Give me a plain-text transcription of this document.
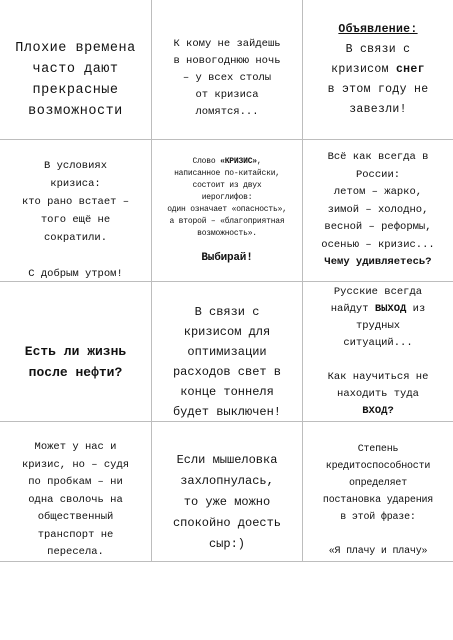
Плохие времена
часто дают
прекрасные
возможности

К кому не зайдешь
в новогоднюю ночь
– у всех столы
от кризиса
ломятся...

Объявление:
В связи с
кризисом снег
в этом году не
завезли!

В условиях
кризиса:
кто рано встает –
того ещё не
сократили.

С добрым утром!

Слово «КРИЗИС»,
написанное по-китайски,
состоит из двух
иероглифов:
один означает «опасность»,
а второй – «благоприятная
возможность».

Выбирай!
Всё как всегда в
России:
летом – жарко,
зимой – холодно,
весной – реформы,
осенью – кризис...
Чему удивляетесь?

Есть ли жизнь
после нефти?

В связи с
кризисом для
оптимизации
расходов свет в
конце тоннеля
будет выключен!

Русские всегда
найдут ВЫХОД из
трудных
ситуаций...

Как научиться не
находить туда
ВХОД?

Может у нас и
кризис, но – судя
по пробкам – ни
одна сволочь на
общественный
транспорт не
пересела.

Если мышеловка
захлопнулась,
то уже можно
спокойно доесть
сыр:)

Степень
кредитоспособности
определяет
постановка ударения
в этой фразе:

«Я плачу и плачу»
